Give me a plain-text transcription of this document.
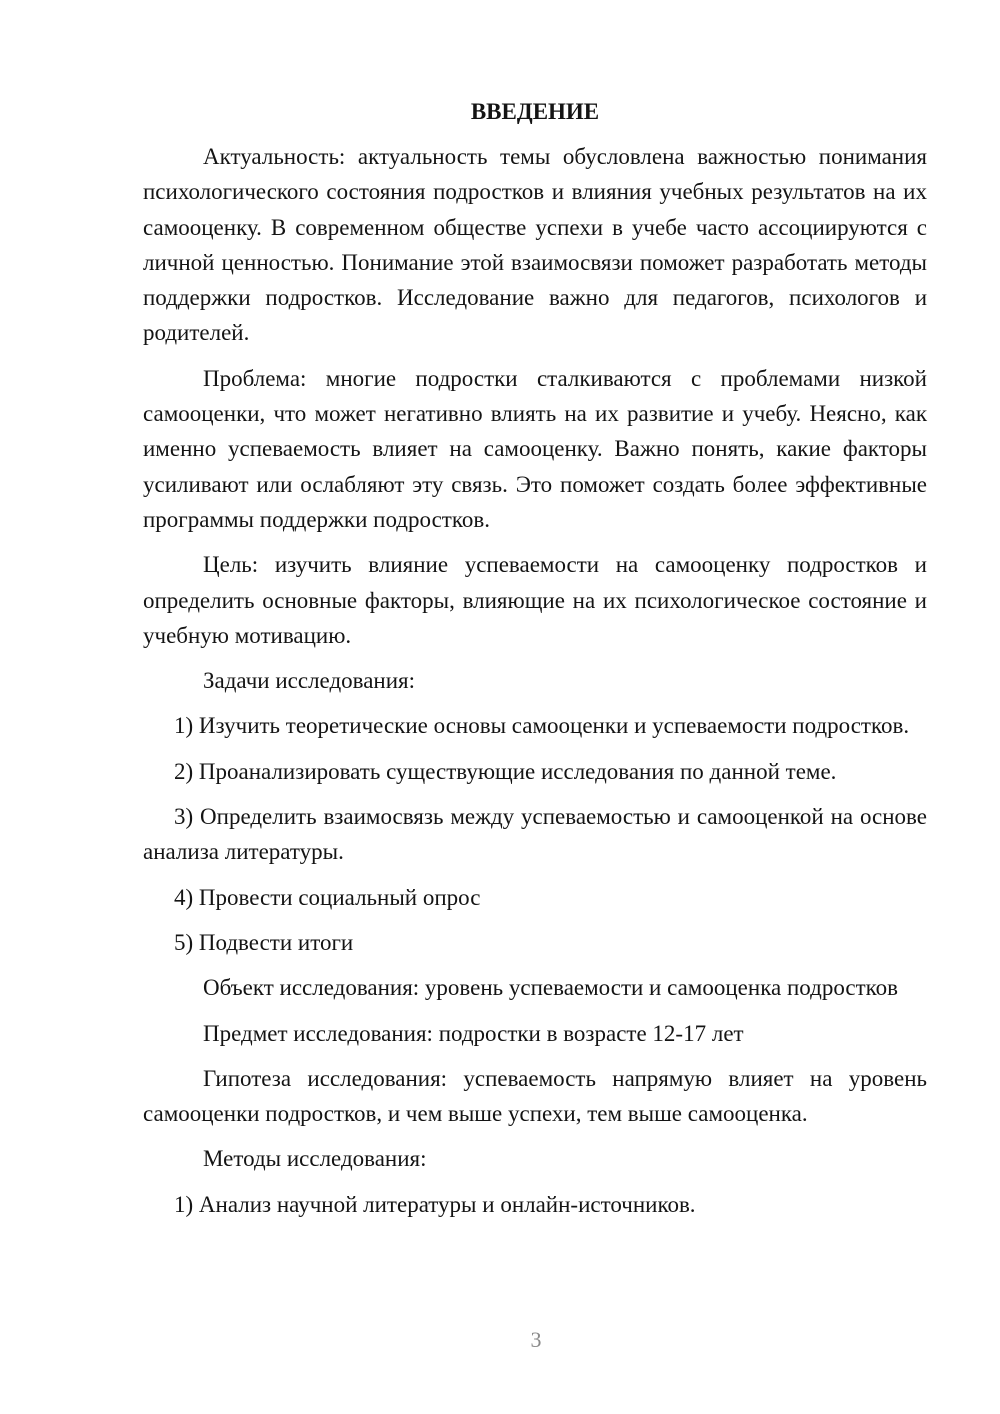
ВВЕДЕНИЕ

Актуальность: актуальность темы обусловлена важностью понимания психологического состояния подростков и влияния учебных результатов на их самооценку. В современном обществе успехи в учебе часто ассоциируются с личной ценностью. Понимание этой взаимосвязи поможет разработать методы поддержки подростков. Исследование важно для педагогов, психологов и родителей.

Проблема: многие подростки сталкиваются с проблемами низкой самооценки, что может негативно влиять на их развитие и учебу. Неясно, как именно успеваемость влияет на самооценку. Важно понять, какие факторы усиливают или ослабляют эту связь. Это поможет создать более эффективные программы поддержки подростков.

Цель: изучить влияние успеваемости на самооценку подростков и определить основные факторы, влияющие на их психологическое состояние и учебную мотивацию.

Задачи исследования:

1) Изучить теоретические основы самооценки и успеваемости подростков.

2) Проанализировать существующие исследования по данной теме.

3) Определить взаимосвязь между успеваемостью и самооценкой на основе анализа литературы.

4) Провести социальный опрос

5) Подвести итоги

Объект исследования: уровень успеваемости и самооценка подростков

Предмет исследования: подростки в возрасте 12-17 лет

Гипотеза исследования: успеваемость напрямую влияет на уровень самооценки подростков, и чем выше успехи, тем выше самооценка.

Методы исследования:

1) Анализ научной литературы и онлайн-источников.

3
